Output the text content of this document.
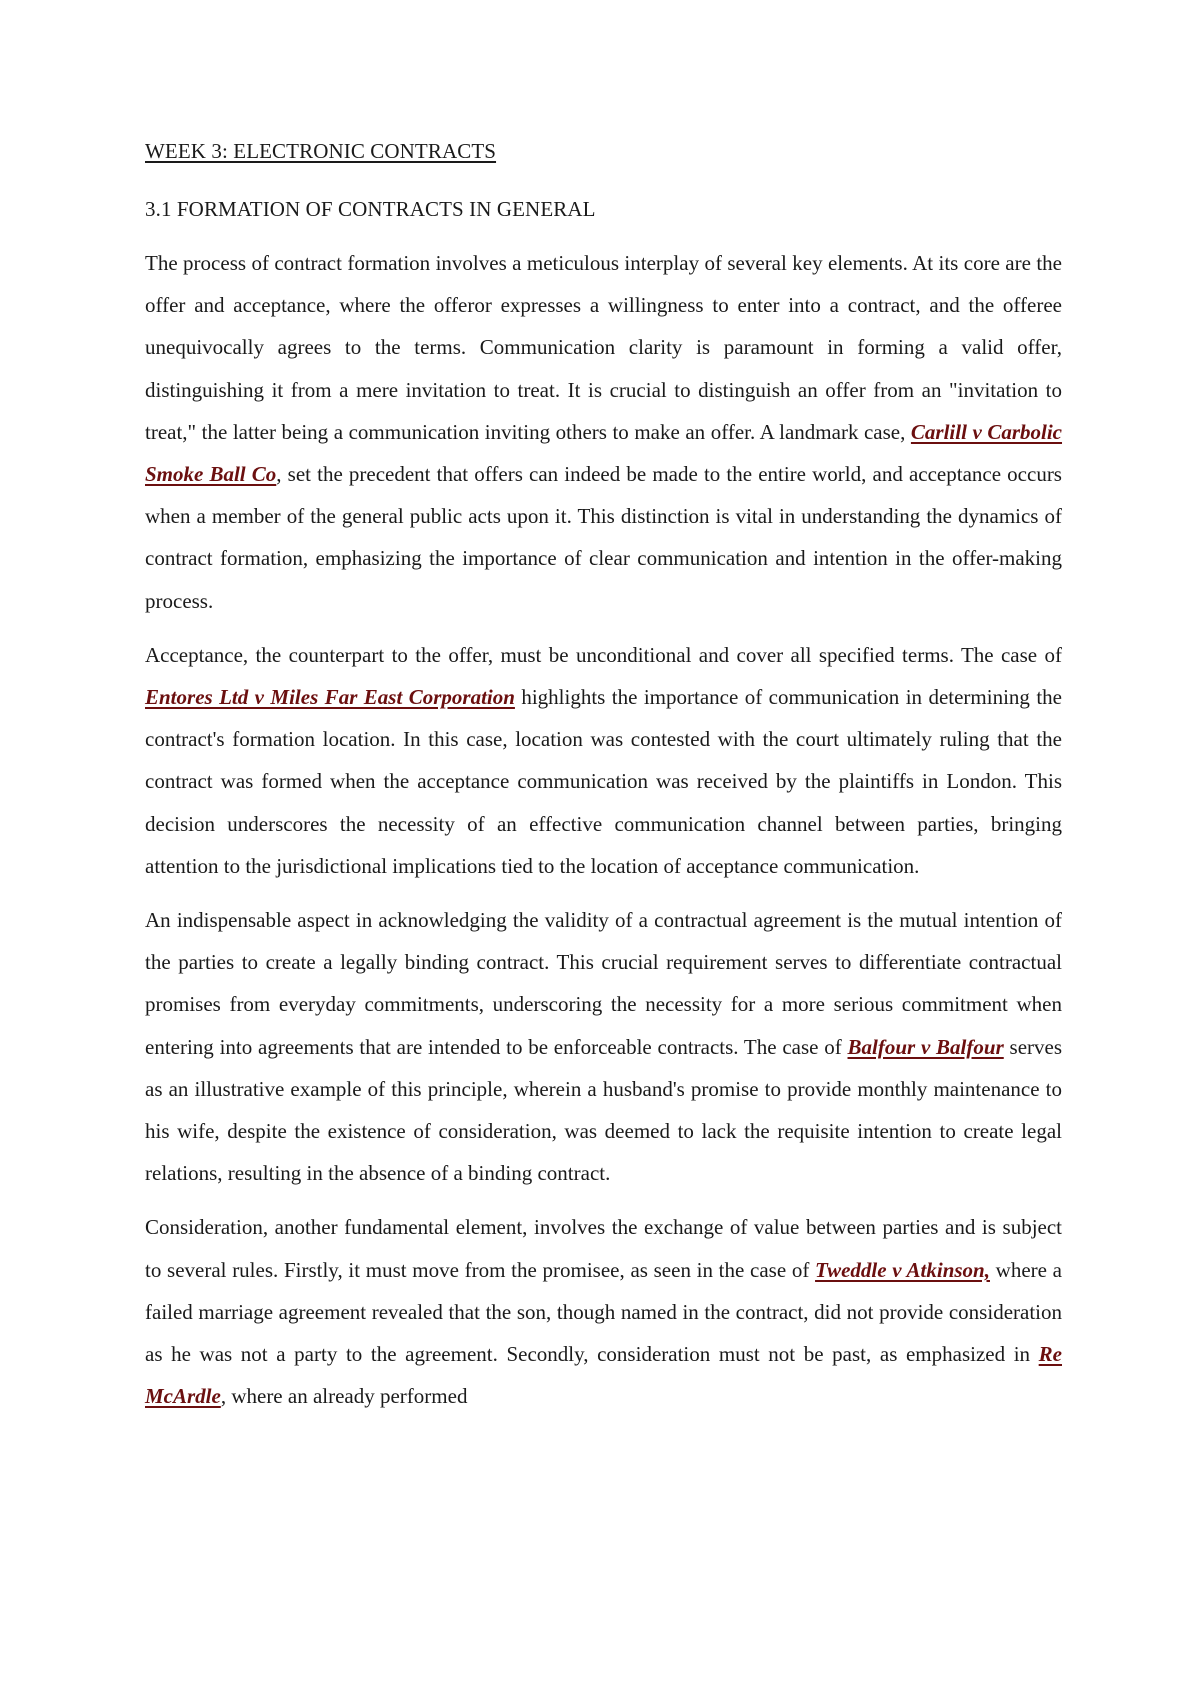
WEEK 3: ELECTRONIC CONTRACTS
3.1 FORMATION OF CONTRACTS IN GENERAL

The process of contract formation involves a meticulous interplay of several key elements. At its core are the offer and acceptance, where the offeror expresses a willingness to enter into a contract, and the offeree unequivocally agrees to the terms. Communication clarity is paramount in forming a valid offer, distinguishing it from a mere invitation to treat. It is crucial to distinguish an offer from an "invitation to treat," the latter being a communication inviting others to make an offer. A landmark case, Carlill v Carbolic Smoke Ball Co, set the precedent that offers can indeed be made to the entire world, and acceptance occurs when a member of the general public acts upon it. This distinction is vital in understanding the dynamics of contract formation, emphasizing the importance of clear communication and intention in the offer-making process.

Acceptance, the counterpart to the offer, must be unconditional and cover all specified terms. The case of Entores Ltd v Miles Far East Corporation highlights the importance of communication in determining the contract's formation location. In this case, location was contested with the court ultimately ruling that the contract was formed when the acceptance communication was received by the plaintiffs in London. This decision underscores the necessity of an effective communication channel between parties, bringing attention to the jurisdictional implications tied to the location of acceptance communication.

An indispensable aspect in acknowledging the validity of a contractual agreement is the mutual intention of the parties to create a legally binding contract. This crucial requirement serves to differentiate contractual promises from everyday commitments, underscoring the necessity for a more serious commitment when entering into agreements that are intended to be enforceable contracts. The case of Balfour v Balfour serves as an illustrative example of this principle, wherein a husband's promise to provide monthly maintenance to his wife, despite the existence of consideration, was deemed to lack the requisite intention to create legal relations, resulting in the absence of a binding contract.

Consideration, another fundamental element, involves the exchange of value between parties and is subject to several rules. Firstly, it must move from the promisee, as seen in the case of Tweddle v Atkinson, where a failed marriage agreement revealed that the son, though named in the contract, did not provide consideration as he was not a party to the agreement. Secondly, consideration must not be past, as emphasized in Re McArdle, where an already performed
